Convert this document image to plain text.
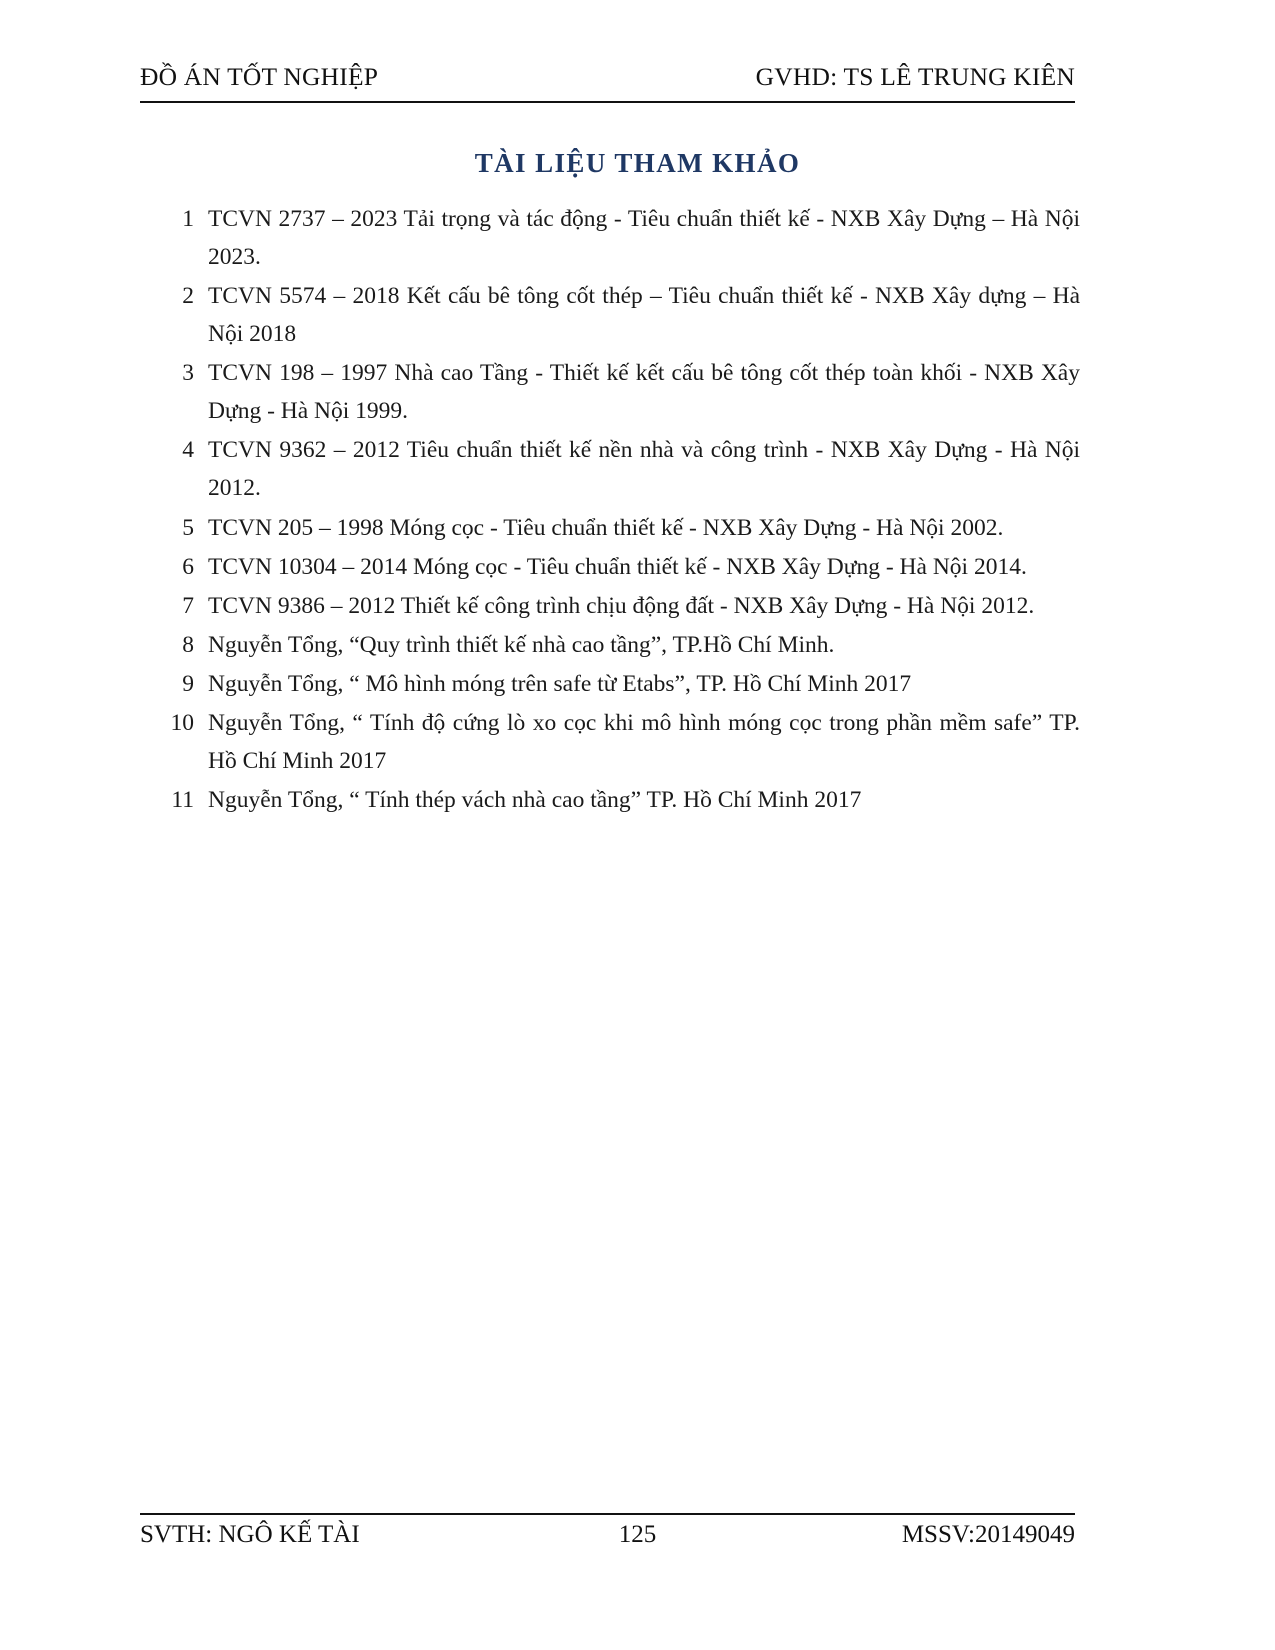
ĐỒ ÁN TỐT NGHIỆP	GVHD: TS LÊ TRUNG KIÊN
TÀI LIỆU THAM KHẢO
1 TCVN 2737 – 2023 Tải trọng và tác động - Tiêu chuẩn thiết kế - NXB Xây Dựng – Hà Nội 2023.
2 TCVN 5574 – 2018 Kết cấu bê tông cốt thép – Tiêu chuẩn thiết kế - NXB Xây dựng – Hà Nội 2018
3 TCVN 198 – 1997 Nhà cao Tầng - Thiết kế kết cấu bê tông cốt thép toàn khối - NXB Xây Dựng - Hà Nội 1999.
4 TCVN 9362 – 2012 Tiêu chuẩn thiết kế nền nhà và công trình - NXB Xây Dựng - Hà Nội 2012.
5 TCVN 205 – 1998 Móng cọc - Tiêu chuẩn thiết kế - NXB Xây Dựng - Hà Nội 2002.
6 TCVN 10304 – 2014 Móng cọc - Tiêu chuẩn thiết kế - NXB Xây Dựng - Hà Nội 2014.
7 TCVN 9386 – 2012 Thiết kế công trình chịu động đất - NXB Xây Dựng - Hà Nội 2012.
8 Nguyễn Tổng, “Quy trình thiết kế nhà cao tầng”, TP.Hồ Chí Minh.
9 Nguyễn Tổng, “ Mô hình móng trên safe từ Etabs”, TP. Hồ Chí Minh 2017
10 Nguyễn Tổng, “ Tính độ cứng lò xo cọc khi mô hình móng cọc trong phần mềm safe” TP. Hồ Chí Minh 2017
11 Nguyễn Tổng, “ Tính thép vách nhà cao tầng” TP. Hồ Chí Minh 2017
SVTH: NGÔ KẾ TÀI	MSSV:20149049
125
